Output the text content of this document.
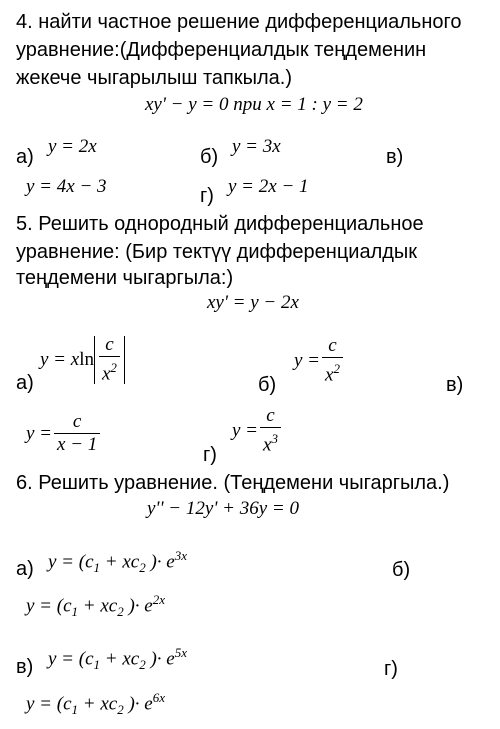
4. найти частное решение дифференциального
уравнение:(Дифференциалдык теңдеменин
жекече чыгарылыш тапкыла.)
xy' − y = 0 при x = 1 : y = 2
а) y = 2x	б) y = 3x	в)
y = 4x − 3	г) y = 2x − 1
5. Решить однородный дифференциальное
уравнение: (Бир тектүү дифференциалдык
теңдемени чыгаргыла:)
xy' = y − 2x
а)
y = x $\ln \frac{c}{x^2}$
б)
$y = \frac{c}{x^2}$	в)
$y = \frac{c}{x - 1}$	г)
$y = \frac{c}{x^3}$
6. Решить уравнение. (Теңдемени чыгаргыла.)
y'' − 12y' + 36y = 0
а) $y = (c_1 + xc_2$ )· $e^{3x}$
б)
$y = (c_1 + xc_2$ )· $e^{2x}$
в) $y = (c_1 + xc_2$ )· $e^{5x}$
г)
$y = (c_1 + xc_2$ )· $e^{6x}$
